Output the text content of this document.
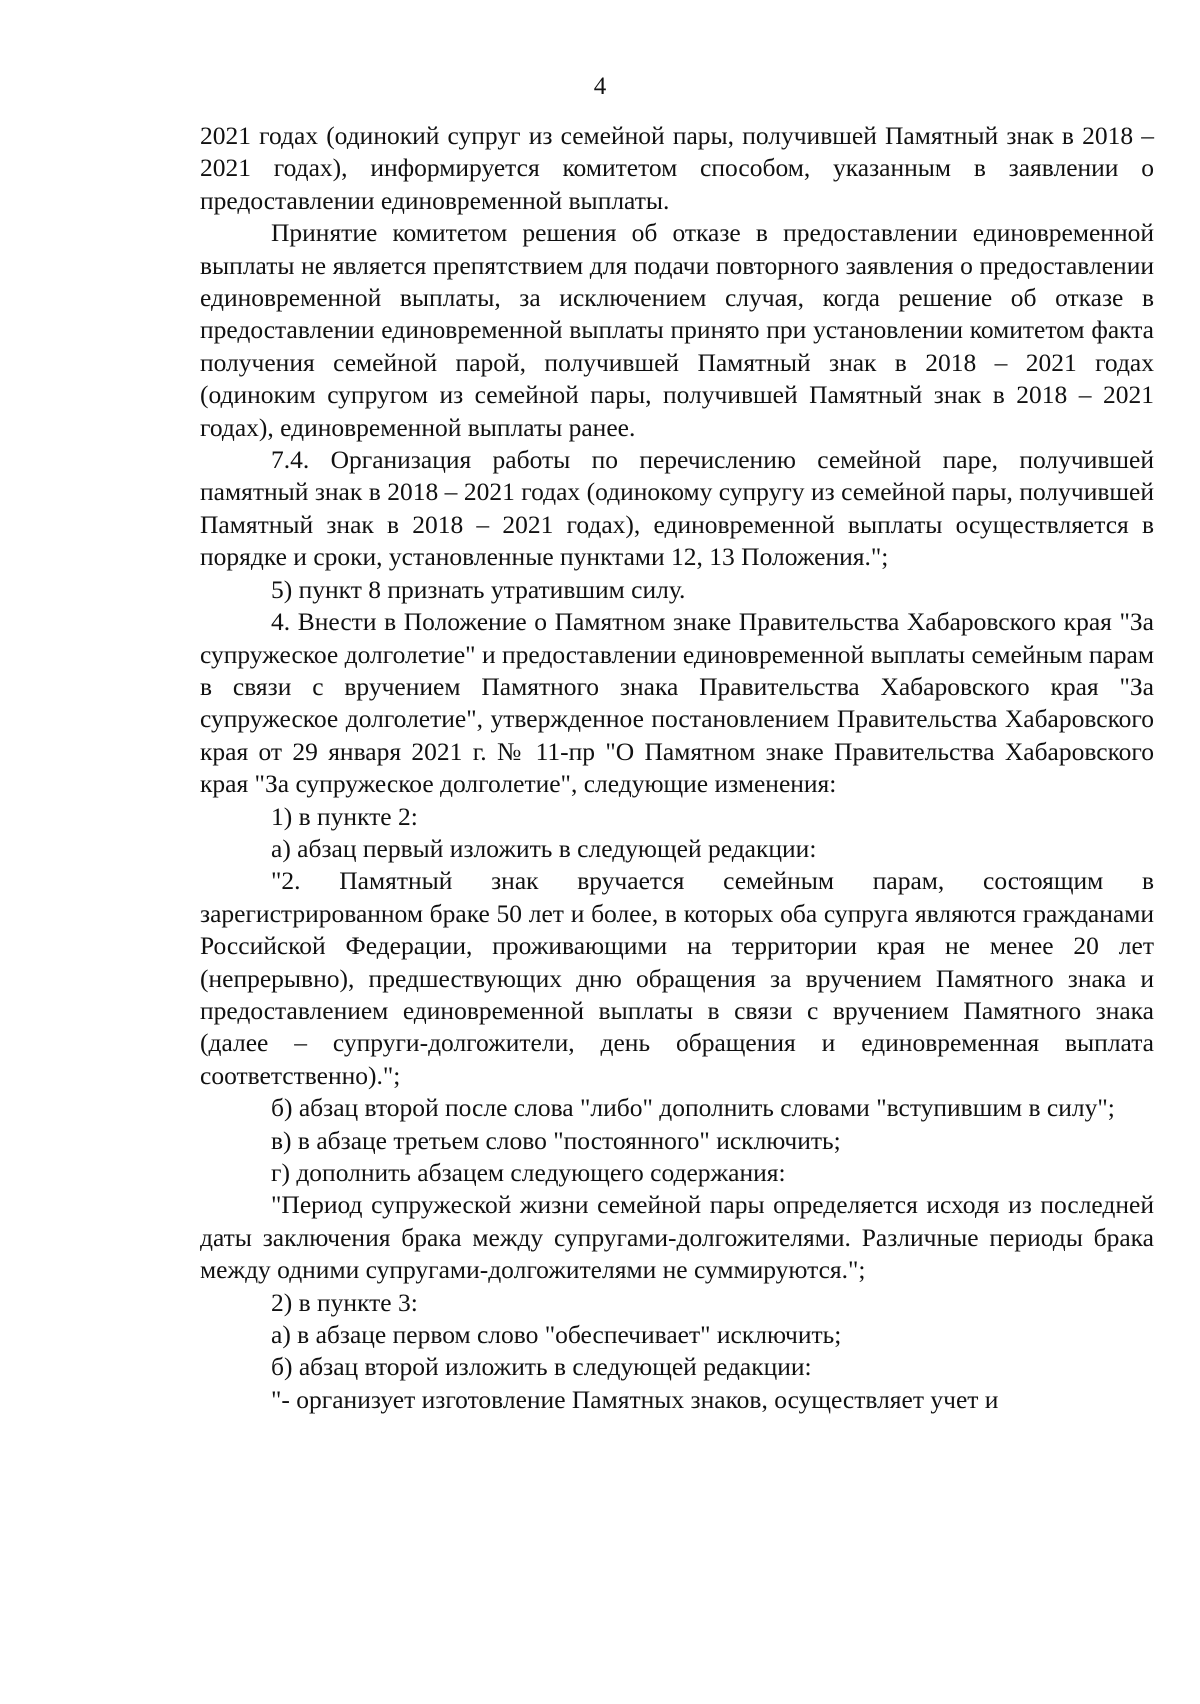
4

2021 годах (одинокий супруг из семейной пары, получившей Памятный знак в 2018 – 2021 годах), информируется комитетом способом, указанным в заявлении о предоставлении единовременной выплаты.

Принятие комитетом решения об отказе в предоставлении единовременной выплаты не является препятствием для подачи повторного заявления о предоставлении единовременной выплаты, за исключением случая, когда решение об отказе в предоставлении единовременной выплаты принято при установлении комитетом факта получения семейной парой, получившей Памятный знак в 2018 – 2021 годах (одиноким супругом из семейной пары, получившей Памятный знак в 2018 – 2021 годах), единовременной выплаты ранее.

7.4. Организация работы по перечислению семейной паре, получившей памятный знак в 2018 – 2021 годах (одинокому супругу из семейной пары, получившей Памятный знак в 2018 – 2021 годах), единовременной выплаты осуществляется в порядке и сроки, установленные пунктами 12, 13 Положения.";

5) пункт 8 признать утратившим силу.

4. Внести в Положение о Памятном знаке Правительства Хабаровского края "За супружеское долголетие" и предоставлении единовременной выплаты семейным парам в связи с вручением Памятного знака Правительства Хабаровского края "За супружеское долголетие", утвержденное постановлением Правительства Хабаровского края от 29 января 2021 г. № 11-пр "О Памятном знаке Правительства Хабаровского края "За супружеское долголетие", следующие изменения:

1) в пункте 2:

а) абзац первый изложить в следующей редакции:

"2. Памятный знак вручается семейным парам, состоящим в зарегистрированном браке 50 лет и более, в которых оба супруга являются гражданами Российской Федерации, проживающими на территории края не менее 20 лет (непрерывно), предшествующих дню обращения за вручением Памятного знака и предоставлением единовременной выплаты в связи с вручением Памятного знака (далее – супруги-долгожители, день обращения и единовременная выплата соответственно).";

б) абзац второй после слова "либо" дополнить словами "вступившим в силу";

в) в абзаце третьем слово "постоянного" исключить;

г) дополнить абзацем следующего содержания:

"Период супружеской жизни семейной пары определяется исходя из последней даты заключения брака между супругами-долгожителями. Различные периоды брака между одними супругами-долгожителями не суммируются.";

2) в пункте 3:

а) в абзаце первом слово "обеспечивает" исключить;

б) абзац второй изложить в следующей редакции:

"- организует изготовление Памятных знаков, осуществляет учет и
